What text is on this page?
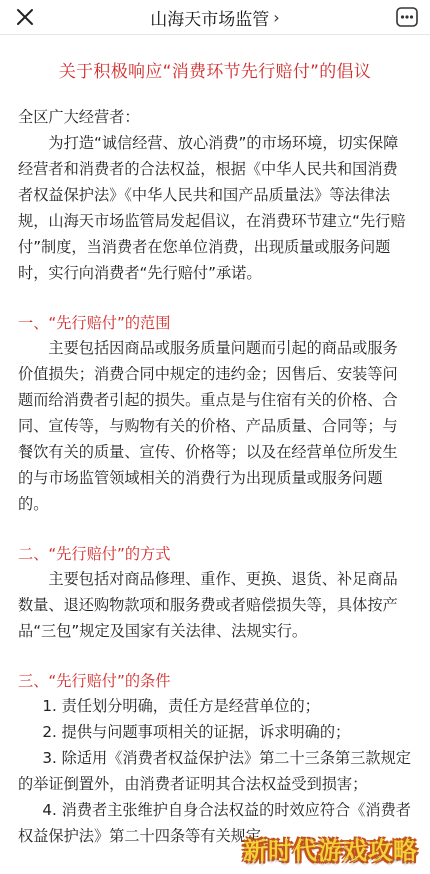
山海天市场监管 ›
关于积极响应“消费环节先行赔付”的倡议

全区广大经营者：

为打造“诚信经营、放心消费”的市场环境，切实保障经营者和消费者的合法权益，根据《中华人民共和国消费者权益保护法》《中华人民共和国产品质量法》等法律法规，山海天市场监管局发起倡议，在消费环节建立“先行赔付”制度，当消费者在您单位消费，出现质量或服务问题时，实行向消费者“先行赔付”承诺。

一、“先行赔付”的范围

主要包括因商品或服务质量问题而引起的商品或服务价值损失；消费合同中规定的违约金；因售后、安装等问题而给消费者引起的损失。重点是与住宿有关的价格、合同、宣传等，与购物有关的价格、产品质量、合同等；与餐饮有关的质量、宣传、价格等；以及在经营单位所发生的与市场监管领域相关的消费行为出现质量或服务问题的。

二、“先行赔付”的方式

主要包括对商品修理、重作、更换、退货、补足商品数量、退还购物款项和服务费或者赔偿损失等，具体按产品“三包”规定及国家有关法律、法规实行。

三、“先行赔付”的条件

1. 责任划分明确，责任方是经营单位的；

2. 提供与问题事项相关的证据，诉求明确的；

3. 除适用《消费者权益保护法》第二十三条第三款规定的举证倒置外，由消费者证明其合法权益受到损害；

4. 消费者主张维护自身合法权益的时效应符合《消费者权益保护法》第二十四条等有关规定。

新时代游戏攻略
